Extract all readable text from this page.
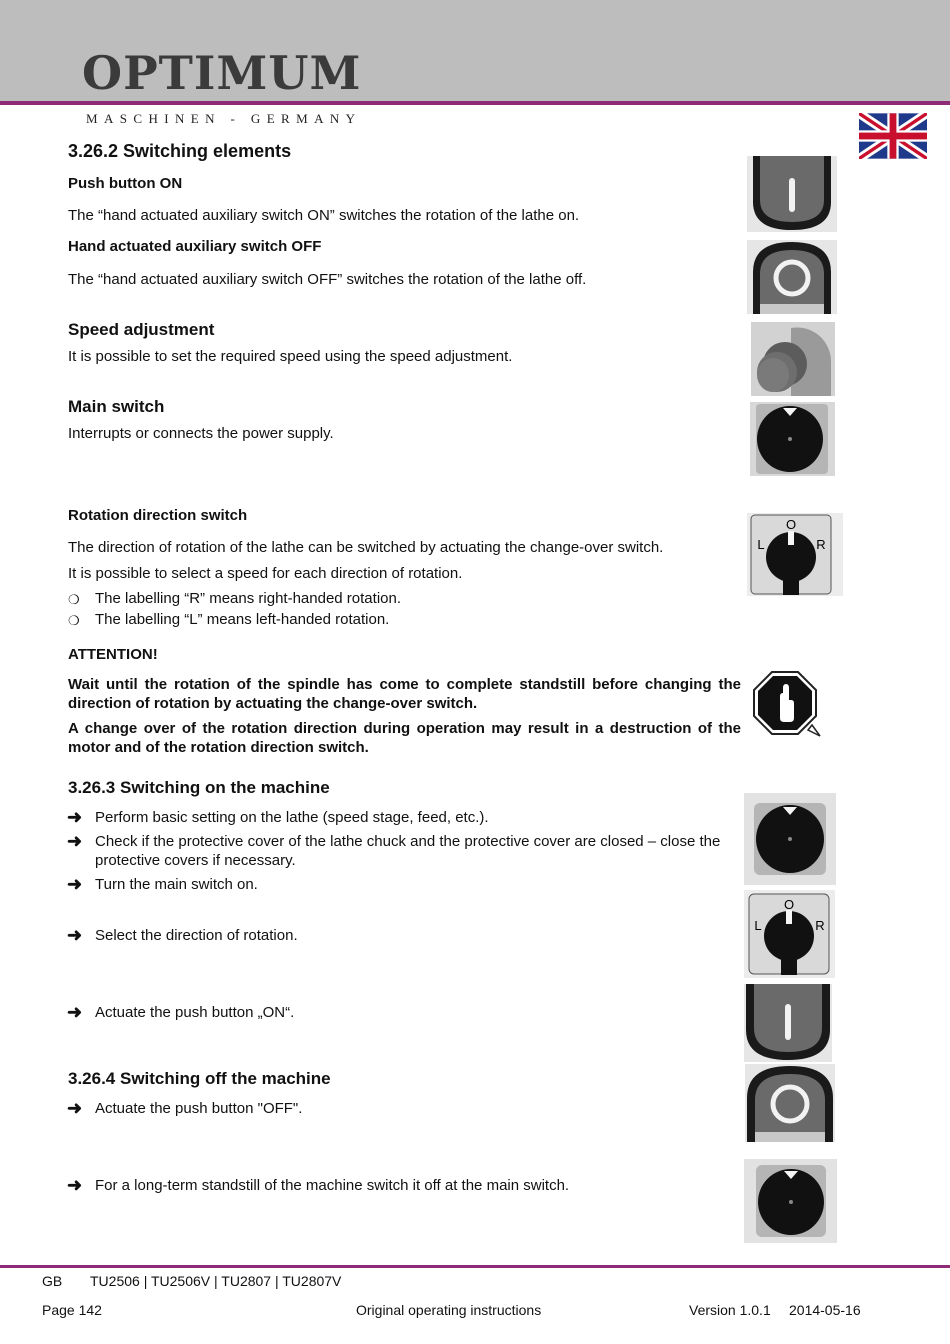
OPTIMUM
MASCHINEN - GERMANY
3.26.2 Switching elements
Push button ON
The “hand actuated auxiliary switch ON” switches the rotation of the lathe on.
Hand actuated auxiliary switch OFF
The “hand actuated auxiliary switch OFF” switches the rotation of the lathe off.
Speed adjustment
It is possible to set the required speed using the speed adjustment.
Main switch
Interrupts or connects the power supply.
Rotation direction switch
The direction of rotation of the lathe can be switched by actuating the change-over switch.
It is possible to select a speed for each direction of rotation.
❍ The labelling “R” means right-handed rotation.
❍ The labelling “L” means left-handed rotation.
ATTENTION!
Wait until the rotation of the spindle has come to complete standstill before changing the direction of rotation by actuating the change-over switch.
A change over of the rotation direction during operation may result in a destruction of the motor and of the rotation direction switch.
3.26.3 Switching on the machine
➜ Perform basic setting on the lathe (speed stage, feed, etc.).
➜ Check if the protective cover of the lathe chuck and the protective cover are closed – close the protective covers if necessary.
➜ Turn the main switch on.
➜ Select the direction of rotation.
➜ Actuate the push button „ON“.
3.26.4 Switching off the machine
➜ Actuate the push button "OFF".
➜ For a long-term standstill of the machine switch it off at the main switch.
O
L	R
O
L	R
GB TU2506 | TU2506V | TU2807 | TU2807V
Page 142	Original operating instructions	Version 1.0.1 2014-05-16
